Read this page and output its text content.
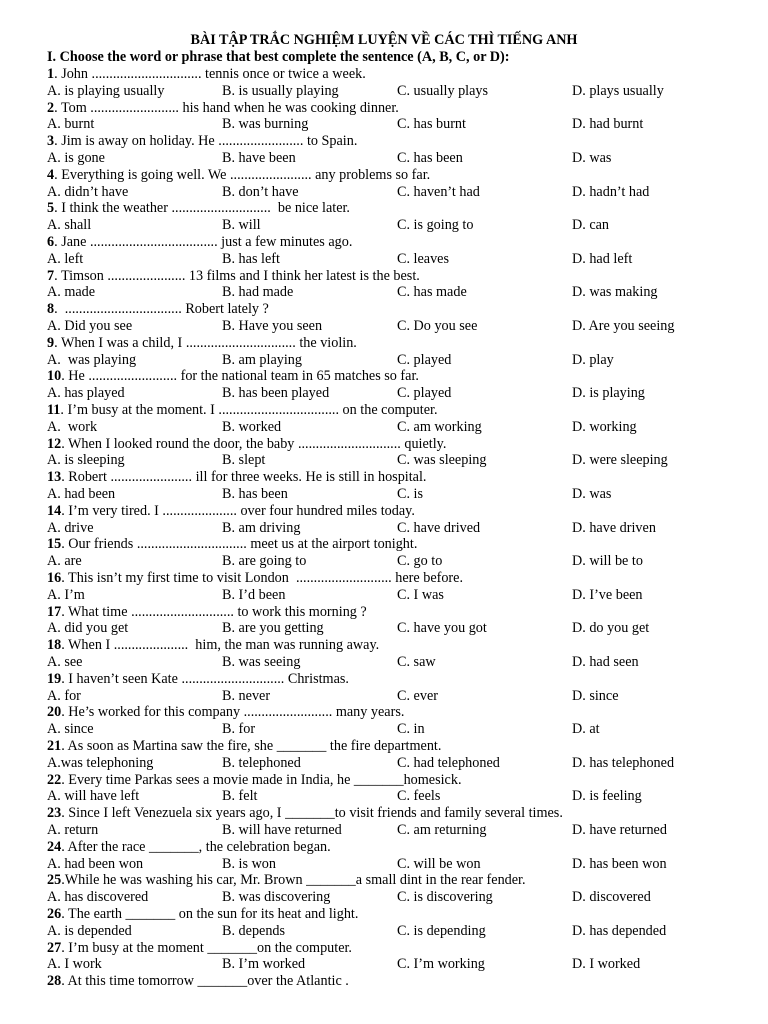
BÀI TẬP TRẮC NGHIỆM LUYỆN VỀ CÁC THÌ TIẾNG ANH

I. Choose the word or phrase that best complete the sentence (A, B, C, or D):

1. John ............................... tennis once or twice a week.
A. is playing usually	B. is usually playing	C. usually plays	D. plays usually
2. Tom ......................... his hand when he was cooking dinner.
A. burnt	B. was burning	C. has burnt	D. had burnt
3. Jim is away on holiday. He ........................ to Spain.
A. is gone	B. have been	C. has been	D. was
4. Everything is going well. We ....................... any problems so far.
A. didn’t have	B. don’t have	C. haven’t had	D. hadn’t had
5. I think the weather ............................  be nice later.
A. shall	B. will	C. is going to	D. can
6. Jane .................................... just a few minutes ago.
A. left	B. has left	C. leaves	D. had left
7. Timson ...................... 13 films and I think her latest is the best.
A. made	B. had made	C. has made	D. was making
8.  ................................. Robert lately ?
A. Did you see	B. Have you seen	C. Do you see	D. Are you seeing
9. When I was a child, I ............................... the violin.
A.  was playing	B. am playing	C. played	D. play
10. He ......................... for the national team in 65 matches so far.
A. has played	B. has been played	C. played	D. is playing
11. I’m busy at the moment. I .................................. on the computer.
A.  work	B. worked	C. am working	D. working
12. When I looked round the door, the baby ............................. quietly.
A. is sleeping	B. slept	C. was sleeping	D. were sleeping
13. Robert ....................... ill for three weeks. He is still in hospital.
A. had been	B. has been	C. is	D. was
14. I’m very tired. I ..................... over four hundred miles today.
A. drive	B. am driving	C. have drived	D. have driven
15. Our friends ............................... meet us at the airport tonight.
A. are	B. are going to	C. go to	D. will be to
16. This isn’t my first time to visit London  ........................... here before.
A. I’m	B. I’d been	C. I was	D. I’ve been
17. What time ............................. to work this morning ?
A. did you get	B. are you getting	C. have you got	D. do you get
18. When I .....................  him, the man was running away.
A. see	B. was seeing	C. saw	D. had seen
19. I haven’t seen Kate ............................. Christmas.
A. for	B. never	C. ever	D. since
20. He’s worked for this company ......................... many years.
A. since	B. for	C. in	D. at
21. As soon as Martina saw the fire, she _______ the fire department.
A.was telephoning	B. telephoned	C. had telephoned	D. has telephoned
22. Every time Parkas sees a movie made in India, he _______homesick.
A. will have left	B. felt	C. feels	D. is feeling
23. Since I left Venezuela six years ago, I _______to visit friends and family several times.
A. return	B. will have returned	C. am returning	D. have returned
24. After the race _______, the celebration began.
A. had been won	B. is won	C. will be won	D. has been won
25.While he was washing his car, Mr. Brown _______a small dint in the rear fender.
A. has discovered	B. was discovering	C. is discovering	D. discovered
26. The earth _______ on the sun for its heat and light.
A. is depended	B. depends	C. is depending	D. has depended
27. I’m busy at the moment _______on the computer.
A. I work	B. I’m worked	C. I’m working	D. I worked
28. At this time tomorrow _______over the Atlantic .
